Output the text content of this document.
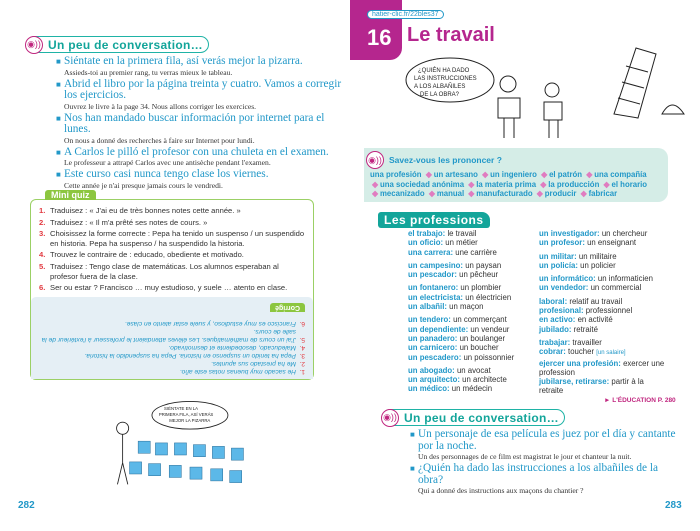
◉)) Un peu de conversation…
■ Siéntate en la primera fila, así verás mejor la pizarra.
Assieds-toi au premier rang, tu verras mieux le tableau.
■ Abrid el libro por la página treinta y cuatro. Vamos a corregir los ejercicios.
Ouvrez le livre à la page 34. Nous allons corriger les exercices.
■ Nos han mandado buscar información por internet para el lunes.
On nous a donné des recherches à faire sur Internet pour lundi.
■ A Carlos le pilló el profesor con una chuleta en el examen.
Le professeur a attrapé Carlos avec une antisèche pendant l'examen.
■ Este curso casi nunca tengo clase los viernes.
Cette année je n'ai presque jamais cours le vendredi.
Mini quiz
1. Traduisez : « J'ai eu de très bonnes notes cette année. »
2. Traduisez : « Il m'a prêté ses notes de cours. »
3. Choisissez la forme correcte : Pepa ha tenido un suspenso / un suspendido en historia. Pepa ha suspenso / ha suspendido la historia.
4. Trouvez le contraire de : educado, obediente et motivado.
5. Traduisez : Tengo clase de matemáticas. Los alumnos esperaban al profesor fuera de la clase.
6. Ser ou estar ? Francisco … muy estudioso, y suele … atento en clase.
1.
He sacado muy buenas notas este año.
2.
Me ha prestado sus apuntes.
3.
Pepa ha tenido un suspenso en historia. Pepa ha suspendido la historia.
4.
Maleducado, desobediente et desmotivado.
5.
J'ai un cours de mathématiques. Les élèves attendaient le professeur à l'extérieur de la salle de cours.
6.
Francisco es muy estudioso, y suele estar atento en clase.
Corrigé
SIÉNTATE EN LA
PRIMERA FILA, ASÍ VERÁS
MEJOR LA PIZARRA
282
hatier-clic.fr/22bles37
16 Le travail
¿QUIÉN HA DADO
LAS INSTRUCCIONES
A LOS ALBAÑILES
DE LA OBRA?
◉)) Savez-vous les prononcer ?
una profesión ◆ un artesano ◆ un ingeniero ◆ el patrón ◆ una compañía ◆ una sociedad anónima ◆ la materia prima ◆ la producción ◆ el horario ◆ mecanizado ◆ manual ◆ manufacturado ◆ producir ◆ fabricar
Les professions
el trabajo: le travail
un oficio: un métier
una carrera: une carrière
un campesino: un paysan
un pescador: un pêcheur
un fontanero: un plombier
un electricista: un électricien
un albañil: un maçon
un tendero: un commerçant
un dependiente: un vendeur
un panadero: un boulanger
un carnicero: un boucher
un pescadero: un poissonnier
un abogado: un avocat
un arquitecto: un architecte
un médico: un médecin
un investigador: un chercheur
un profesor: un enseignant
un militar: un militaire
un policía: un policier
un informático: un informaticien
un vendedor: un commercial
laboral: relatif au travail
profesional: professionnel
en activo: en activité
jubilado: retraité
trabajar: travailler
cobrar: toucher [un salaire]
ejercer una profesión: exercer une profession
jubilarse, retirarse: partir à la retraite
► L'ÉDUCATION P. 280
◉)) Un peu de conversation…
■ Un personaje de esa película es juez por el día y cantante por la noche.
Un des personnages de ce film est magistrat le jour et chanteur la nuit.
■ ¿Quién ha dado las instrucciones a los albañiles de la obra?
Qui a donné des instructions aux maçons du chantier ?
283
